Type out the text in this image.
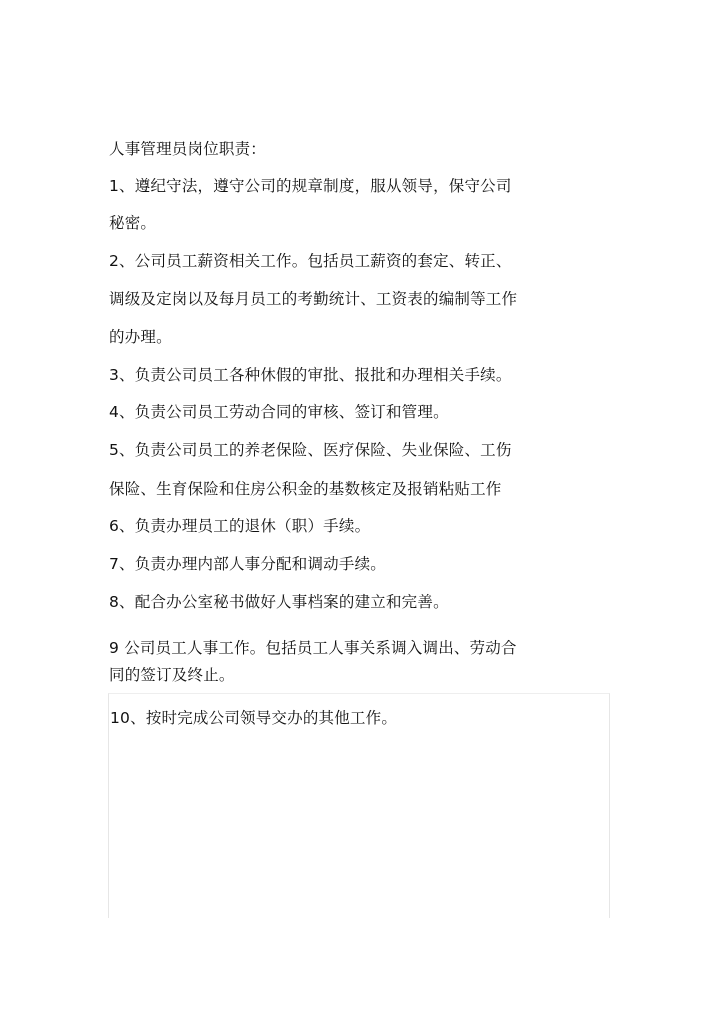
人事管理员岗位职责：
1、遵纪守法，遵守公司的规章制度，服从领导，保守公司
秘密。
2、公司员工薪资相关工作。包括员工薪资的套定、转正、
调级及定岗以及每月员工的考勤统计、工资表的编制等工作
的办理。
3、负责公司员工各种休假的审批、报批和办理相关手续。
4、负责公司员工劳动合同的审核、签订和管理。
5、负责公司员工的养老保险、医疗保险、失业保险、工伤
保险、生育保险和住房公积金的基数核定及报销粘贴工作
6、负责办理员工的退休（职）手续。
7、负责办理内部人事分配和调动手续。
8、配合办公室秘书做好人事档案的建立和完善。
9 公司员工人事工作。包括员工人事关系调入调出、劳动合
同的签订及终止。
10、按时完成公司领导交办的其他工作。
